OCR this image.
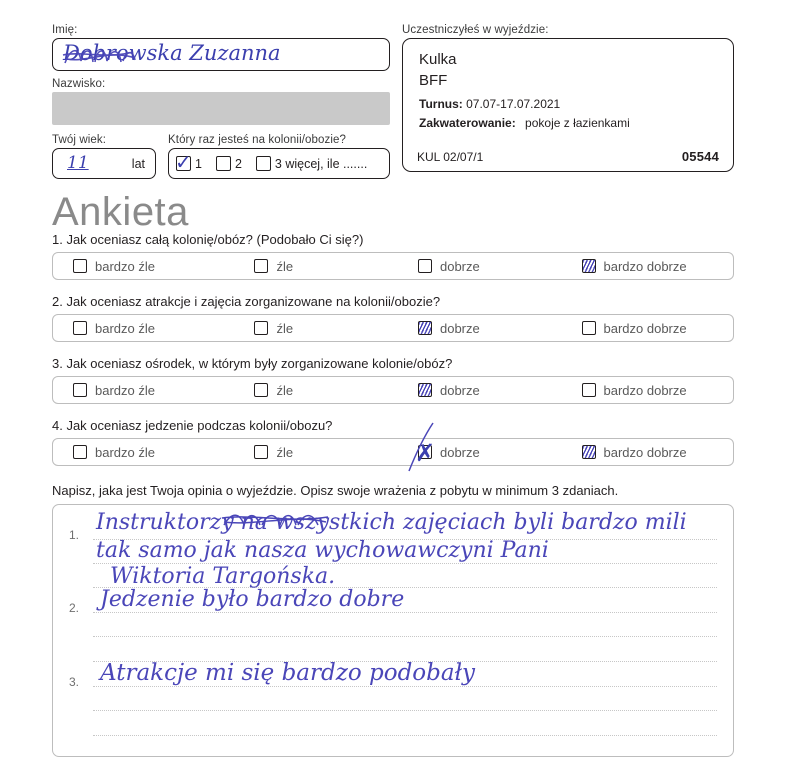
Imię:
Dobrowska Zuzanna
Nazwisko:
Twój wiek:
11	lat
Który raz jesteś na kolonii/obozie?
✓ 1	2	3 więcej, ile .......
Uczestniczyłeś w wyjeździe:
Kulka
BFF
Turnus: 07.07-17.07.2021
Zakwaterowanie: pokoje z łazienkami
KUL 02/07/1	05544
Ankieta
1. Jak oceniasz całą kolonię/obóz? (Podobało Ci się?)
bardzo źle	źle	dobrze	bardzo dobrze
2. Jak oceniasz atrakcje i zajęcia zorganizowane na kolonii/obozie?
bardzo źle	źle	dobrze	bardzo dobrze
3. Jak oceniasz ośrodek, w którym były zorganizowane kolonie/obóz?
bardzo źle	źle	dobrze	bardzo dobrze
4. Jak oceniasz jedzenie podczas kolonii/obozu?
bardzo źle	źle	✗ dobrze	bardzo dobrze
Napisz, jaka jest Twoja opinia o wyjeździe. Opisz swoje wrażenia z pobytu w minimum 3 zdaniach.
1.
2.
3.
Instruktorzy na wszystkich zajęciach byli bardzo mili
tak samo jak nasza wychowawczyni Pani
Wiktoria Targońska.
Jedzenie było bardzo dobre
Atrakcje mi się bardzo podobały
